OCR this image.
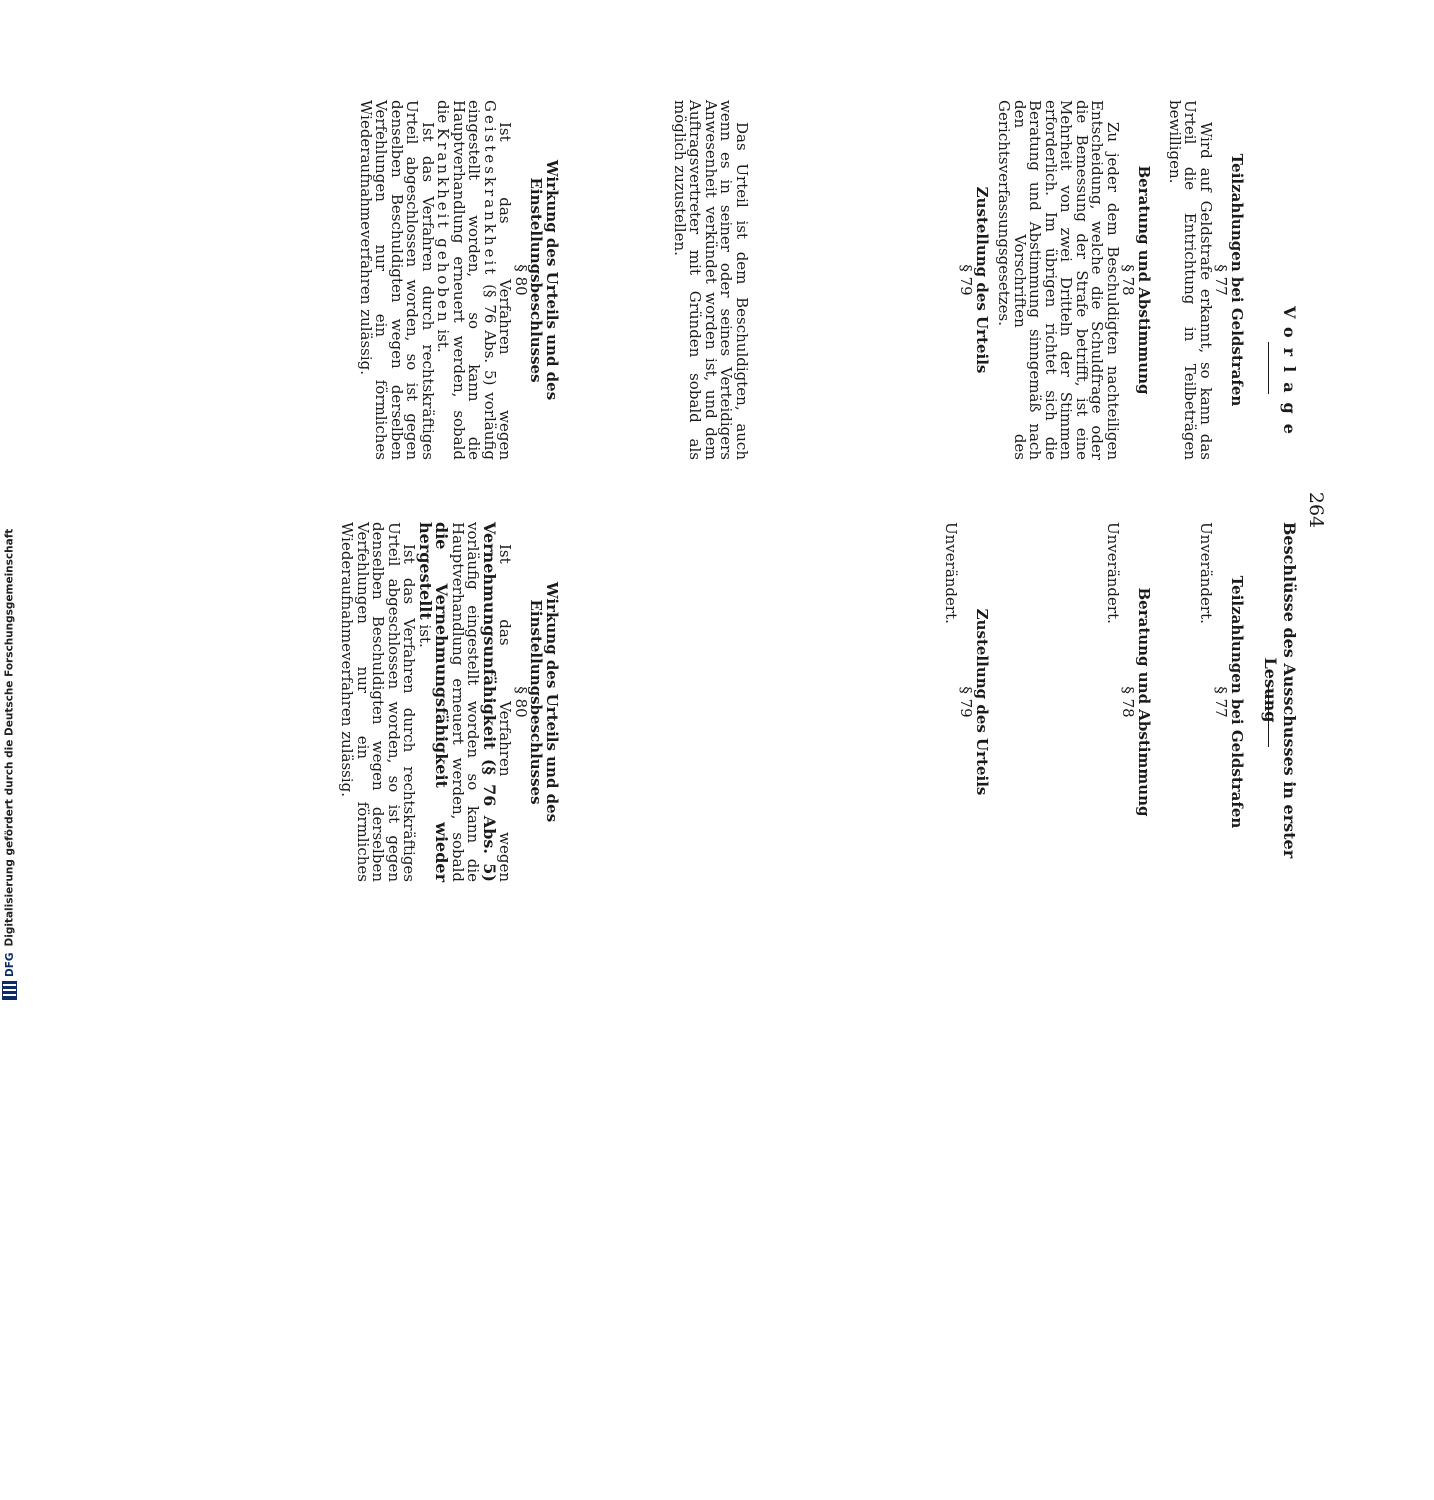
264
Vorlage
Beschlüsse des Ausschusses in erster Lesung
Teilzahlungen bei Geldstrafen
§ 77

Wird auf Geldstrafe erkannt, so kann das Urteil die Entrichtung in Teilbeträgen bewilligen.

Beratung und Abstimmung
§ 78

Zu jeder dem Beschuldigten nachteiligen Entscheidung, welche die Schuldfrage oder die Bemessung der Strafe betrifft, ist eine Mehrheit von zwei Dritteln der Stimmen erforderlich. Im übrigen richtet sich die Beratung und Abstimmung sinngemäß nach den Vorschriften des Gerichtsverfassungsgesetzes.

Zustellung des Urteils
§ 79

Das Urteil ist dem Beschuldigten, auch wenn es in seiner oder seines Verteidigers Anwesenheit verkündet worden ist, und dem Auftragsvertreter mit Gründen sobald als möglich zuzustellen.

Wirkung des Urteils und des Einstellungsbeschlusses
§ 80

Ist das Verfahren wegen Geisteskrankheit (§ 76 Abs. 5) vorläufig eingestellt worden, so kann die Hauptverhandlung erneuert werden, sobald die Krankheit gehoben ist.

Ist das Verfahren durch rechtskräftiges Urteil abgeschlossen worden, so ist gegen denselben Beschuldigten wegen derselben Verfehlungen nur ein förmliches Wiederaufnahmeverfahren zulässig.

Teilzahlungen bei Geldstrafen
§ 77

Unverändert.

Beratung und Abstimmung
§ 78

Unverändert.

Zustellung des Urteils
§ 79

Unverändert.

Wirkung des Urteils und des Einstellungsbeschlusses
§ 80

Ist das Verfahren wegen Vernehmungsunfähigkeit (§ 76 Abs. 5) vorläufig eingestellt worden so kann die Hauptverhandlung erneuert werden, sobald die Vernehmungsfähigkeit wieder hergestellt ist.

Ist das Verfahren durch rechtskräftiges Urteil abgeschlossen worden, so ist gegen denselben Beschuldigten wegen derselben Verfehlungen nur ein förmliches Wiederaufnahmeverfahren zulässig.

DFGDigitalisierung gefördert durch die Deutsche Forschungsgemeinschaft
